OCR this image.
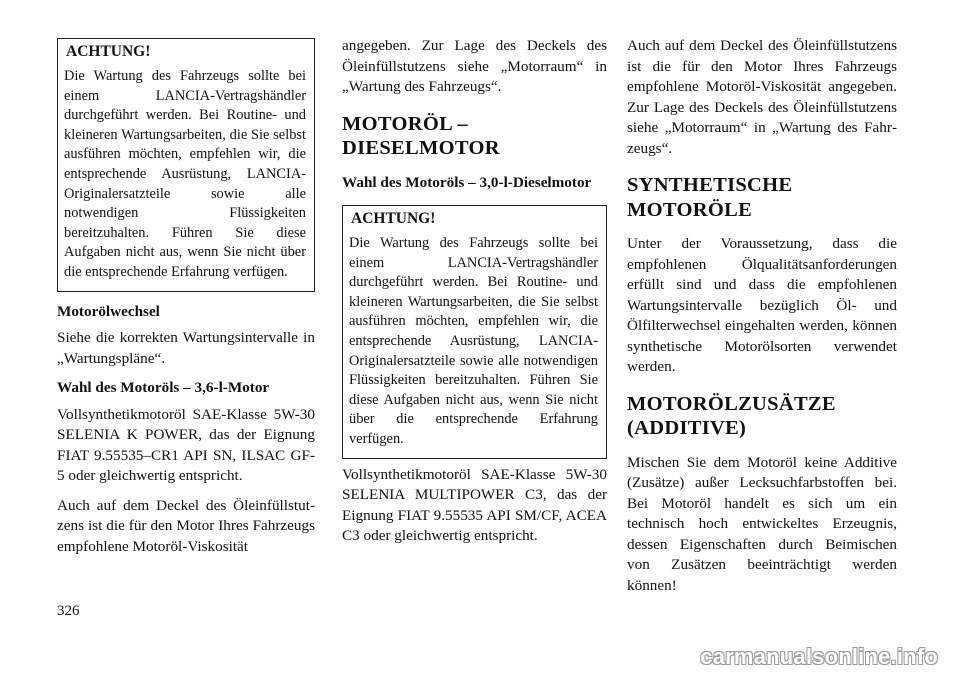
ACHTUNG!

Die Wartung des Fahrzeugs sollte bei einem LANCIA-Vertragshändler durchgeführt werden. Bei Routine- und kleineren Wartungsarbeiten, die Sie selbst ausführen möchten, empfehlen wir, die entsprechende Ausrüstung, LANCIA-Originalersatzteile sowie alle notwendigen Flüssigkeiten bereitzuhalten. Führen Sie diese Aufgaben nicht aus, wenn Sie nicht über die entsprechende Erfahrung verfügen.

Motorölwechsel

Siehe die korrekten Wartungsintervalle in „Wartungspläne“.

Wahl des Motoröls – 3,6-l-Motor

Vollsynthetikmotoröl SAE-Klasse 5W-30 SELENIA K POWER, das der Eignung FIAT 9.55535–CR1 API SN, ILSAC GF-5 oder gleichwertig entspricht.

Auch auf dem Deckel des Öleinfüllstutzens ist die für den Motor Ihres Fahrzeugs empfohlene Motoröl-Viskosität

angegeben. Zur Lage des Deckels des Öleinfüllstutzens siehe „Motorraum“ in „Wartung des Fahrzeugs“.

MOTORÖL – DIESELMOTOR

Wahl des Motoröls – 3,0-l-Dieselmotor

ACHTUNG!

Die Wartung des Fahrzeugs sollte bei einem LANCIA-Vertragshändler durchgeführt werden. Bei Routine- und kleineren Wartungsarbeiten, die Sie selbst ausführen möchten, empfehlen wir, die entsprechende Ausrüstung, LANCIA-Originalersatzteile sowie alle notwendigen Flüssigkeiten bereitzuhalten. Führen Sie diese Aufgaben nicht aus, wenn Sie nicht über die entsprechende Erfahrung verfügen.

Vollsynthetikmotoröl SAE-Klasse 5W-30 SELENIA MULTIPOWER C3, das der Eignung FIAT 9.55535 API SM/CF, ACEA C3 oder gleichwertig entspricht.

Auch auf dem Deckel des Öleinfüllstutzens ist die für den Motor Ihres Fahrzeugs empfohlene Motoröl-Viskosität angegeben. Zur Lage des Deckels des Öleinfüllstutzens siehe „Motorraum“ in „Wartung des Fahrzeugs“.

SYNTHETISCHE MOTORÖLE

Unter der Voraussetzung, dass die empfohlenen Ölqualitätsanforderungen erfüllt sind und dass die empfohlenen Wartungsintervalle bezüglich Öl- und Ölfilterwechsel eingehalten werden, können synthetische Motorölsorten verwendet werden.

MOTORÖLZUSÄTZE (ADDITIVE)

Mischen Sie dem Motoröl keine Additive (Zusätze) außer Lecksuchfarbstoffen bei. Bei Motoröl handelt es sich um ein technisch hoch entwickeltes Erzeugnis, dessen Eigenschaften durch Beimischen von Zusätzen beeinträchtigt werden können!

326
carmanualsonline.info
